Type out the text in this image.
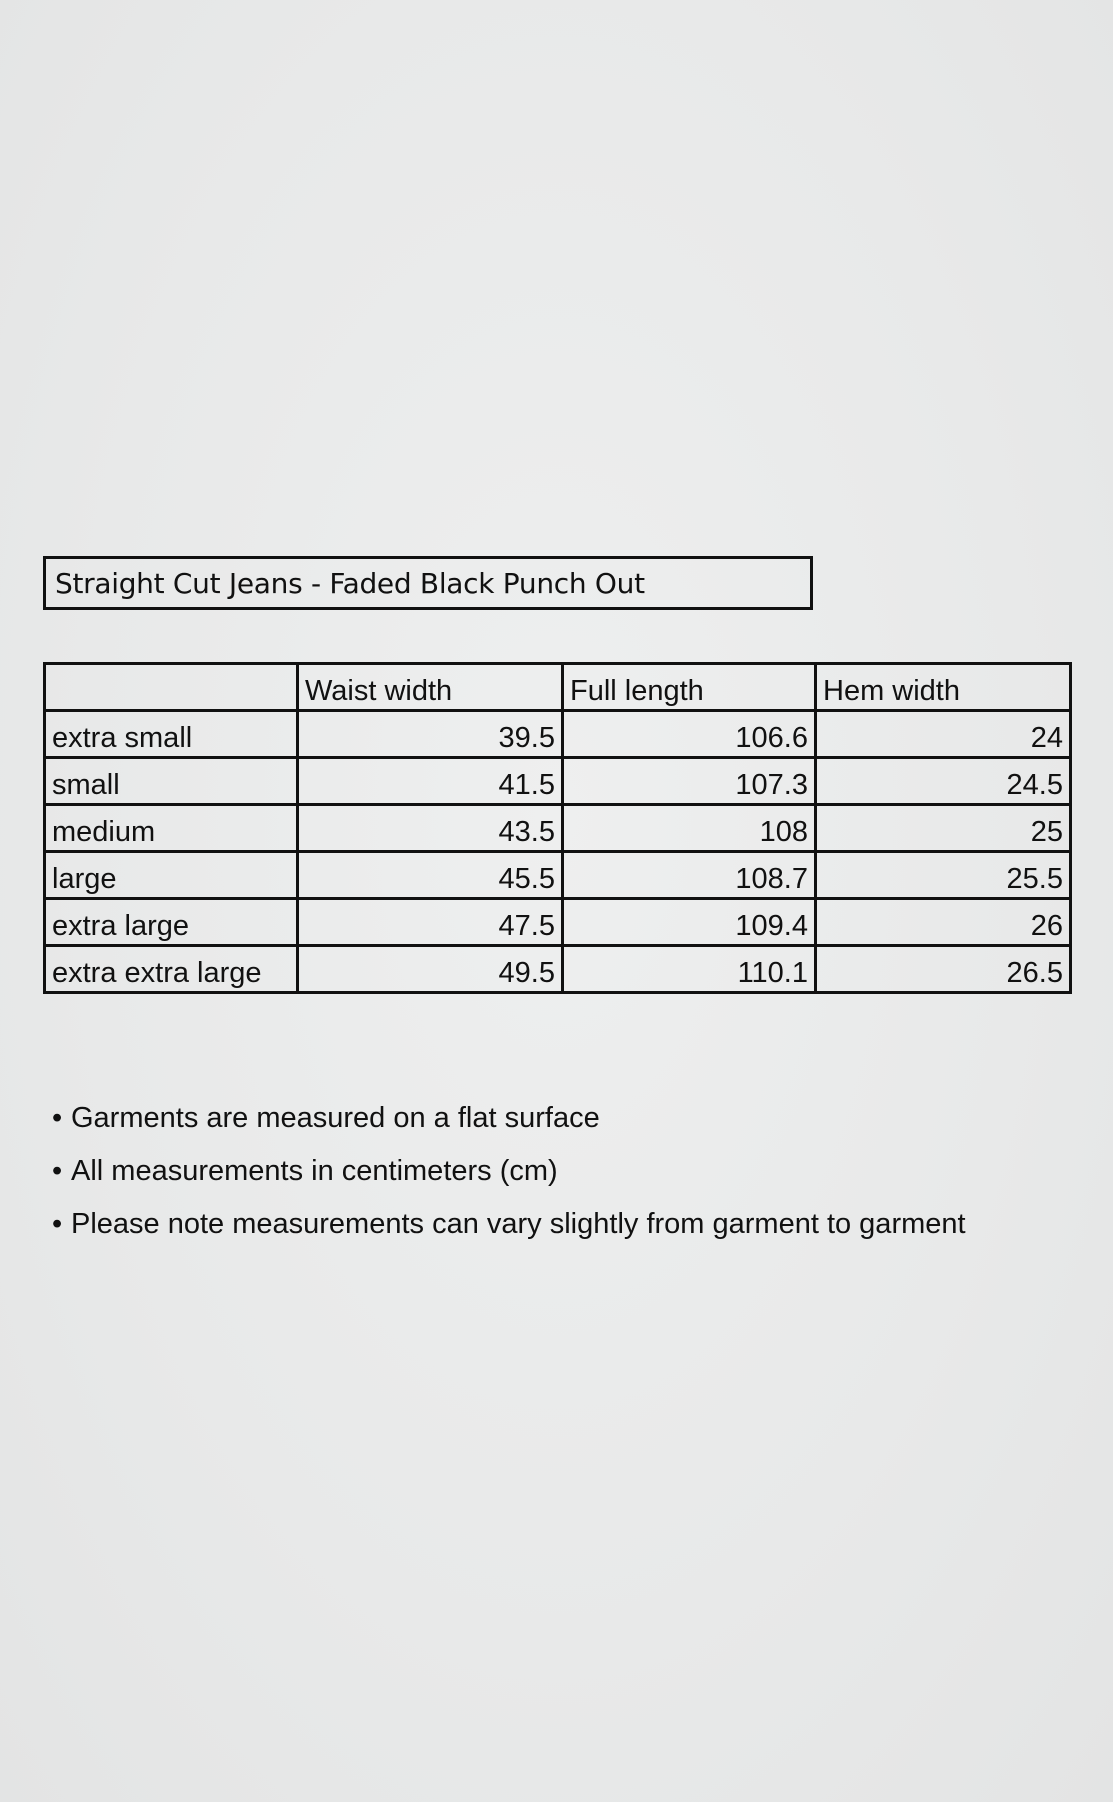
Straight Cut Jeans - Faded Black Punch Out
	Waist width	Full length	Hem width
extra small	39.5	106.6	24
small	41.5	107.3	24.5
medium	43.5	108	25
large	45.5	108.7	25.5
extra large	47.5	109.4	26
extra extra large	49.5	110.1	26.5
• Garments are measured on a flat surface
• All measurements in centimeters (cm)
• Please note measurements can vary slightly from garment to garment
